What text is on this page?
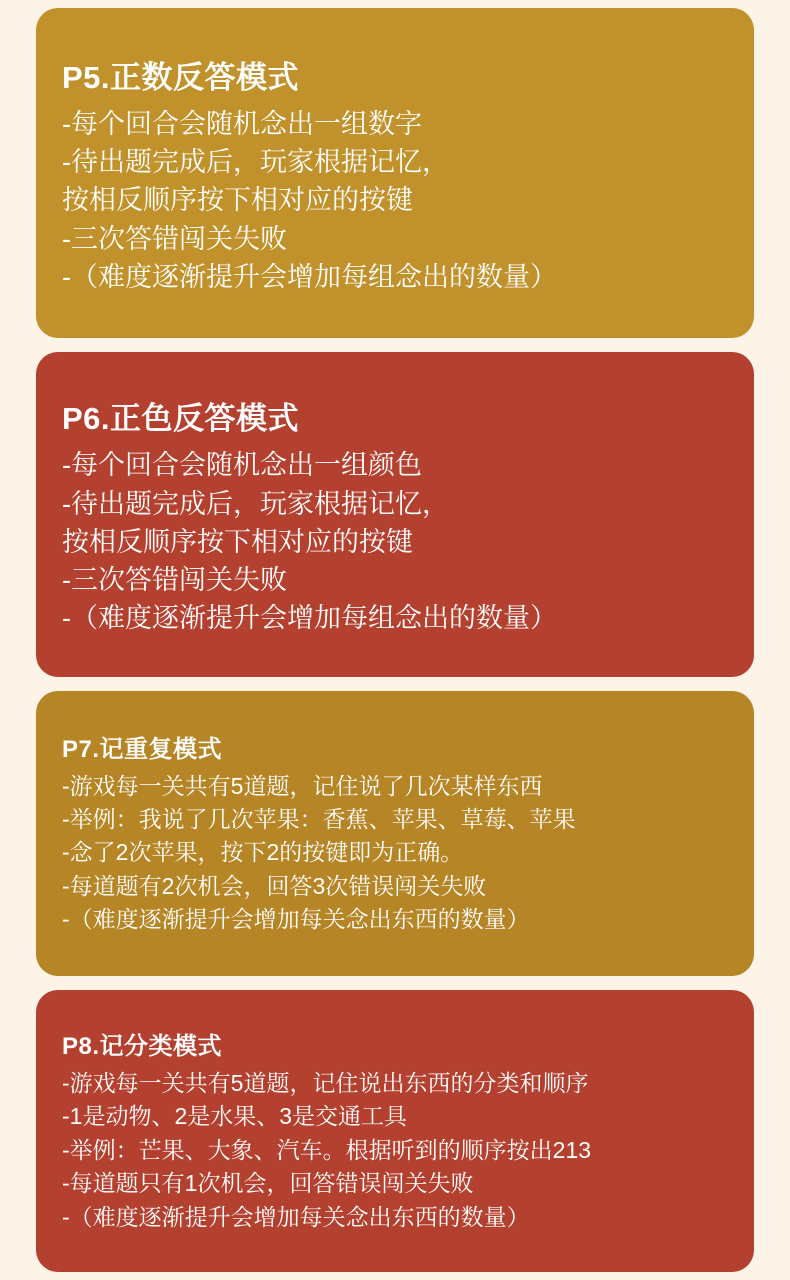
P5.正数反答模式
-每个回合会随机念出一组数字
-待出题完成后，玩家根据记忆，
按相反顺序按下相对应的按键
-三次答错闯关失败
-（难度逐渐提升会增加每组念出的数量）
P6.正色反答模式
-每个回合会随机念出一组颜色
-待出题完成后，玩家根据记忆，
按相反顺序按下相对应的按键
-三次答错闯关失败
-（难度逐渐提升会增加每组念出的数量）
P7.记重复模式
-游戏每一关共有5道题，记住说了几次某样东西
-举例：我说了几次苹果：香蕉、苹果、草莓、苹果
-念了2次苹果，按下2的按键即为正确。
-每道题有2次机会，回答3次错误闯关失败
-（难度逐渐提升会增加每关念出东西的数量）
P8.记分类模式
-游戏每一关共有5道题，记住说出东西的分类和顺序
-1是动物、2是水果、3是交通工具
-举例：芒果、大象、汽车。根据听到的顺序按出213
-每道题只有1次机会，回答错误闯关失败
-（难度逐渐提升会增加每关念出东西的数量）
